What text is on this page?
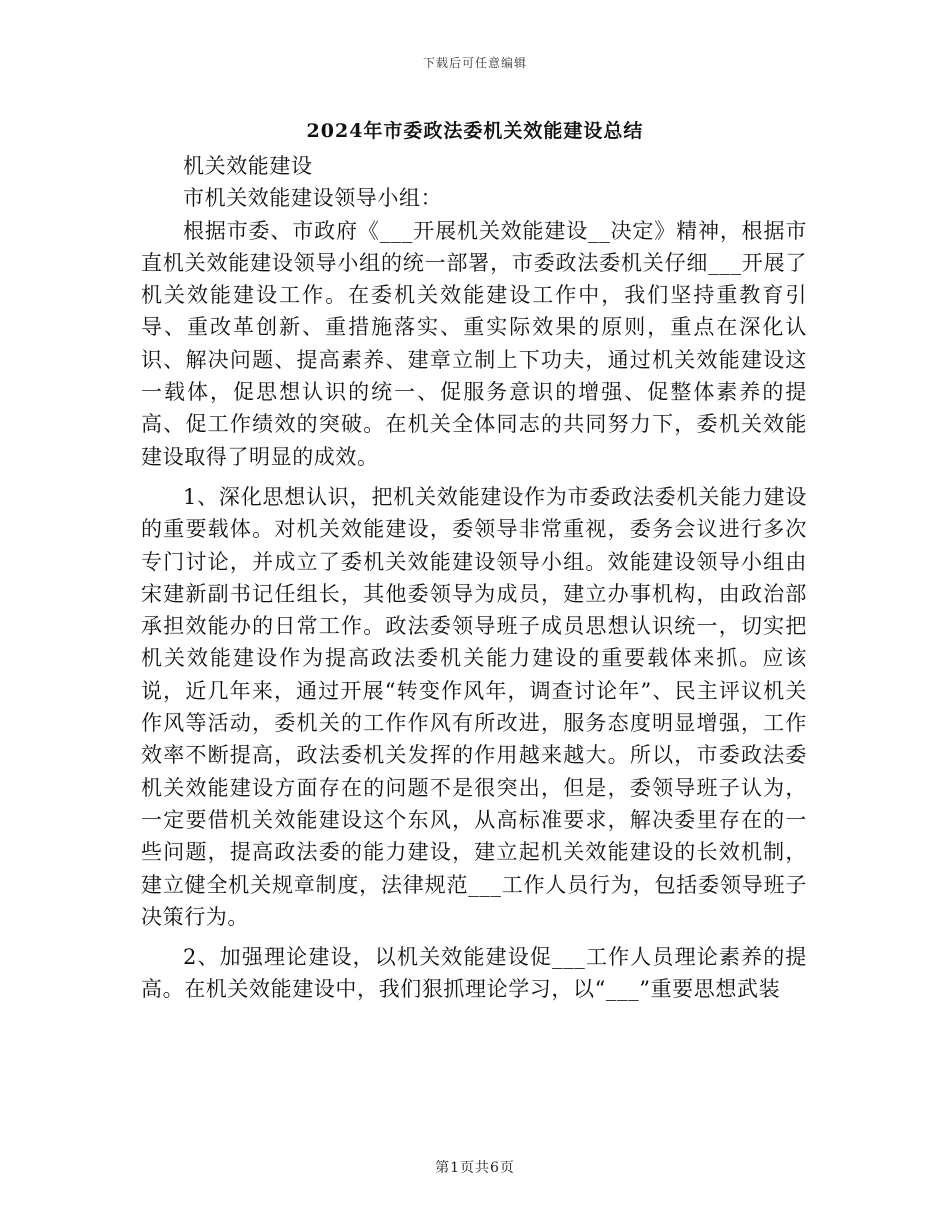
下载后可任意编辑
2024年市委政法委机关效能建设总结

机关效能建设

市机关效能建设领导小组：

根据市委、市政府《___开展机关效能建设__决定》精神，根据市直机关效能建设领导小组的统一部署，市委政法委机关仔细___开展了机关效能建设工作。在委机关效能建设工作中，我们坚持重教育引导、重改革创新、重措施落实、重实际效果的原则，重点在深化认识、解决问题、提高素养、建章立制上下功夫，通过机关效能建设这一载体，促思想认识的统一、促服务意识的增强、促整体素养的提高、促工作绩效的突破。在机关全体同志的共同努力下，委机关效能建设取得了明显的成效。

1、深化思想认识，把机关效能建设作为市委政法委机关能力建设的重要载体。对机关效能建设，委领导非常重视，委务会议进行多次专门讨论，并成立了委机关效能建设领导小组。效能建设领导小组由宋建新副书记任组长，其他委领导为成员，建立办事机构，由政治部承担效能办的日常工作。政法委领导班子成员思想认识统一，切实把机关效能建设作为提高政法委机关能力建设的重要载体来抓。应该说，近几年来，通过开展“转变作风年，调查讨论年”、民主评议机关作风等活动，委机关的工作作风有所改进，服务态度明显增强，工作效率不断提高，政法委机关发挥的作用越来越大。所以，市委政法委机关效能建设方面存在的问题不是很突出，但是，委领导班子认为，一定要借机关效能建设这个东风，从高标准要求，解决委里存在的一些问题，提高政法委的能力建设，建立起机关效能建设的长效机制，建立健全机关规章制度，法律规范___工作人员行为，包括委领导班子决策行为。

2、加强理论建设，以机关效能建设促___工作人员理论素养的提高。在机关效能建设中，我们狠抓理论学习，以“___”重要思想武装

第1页共6页
